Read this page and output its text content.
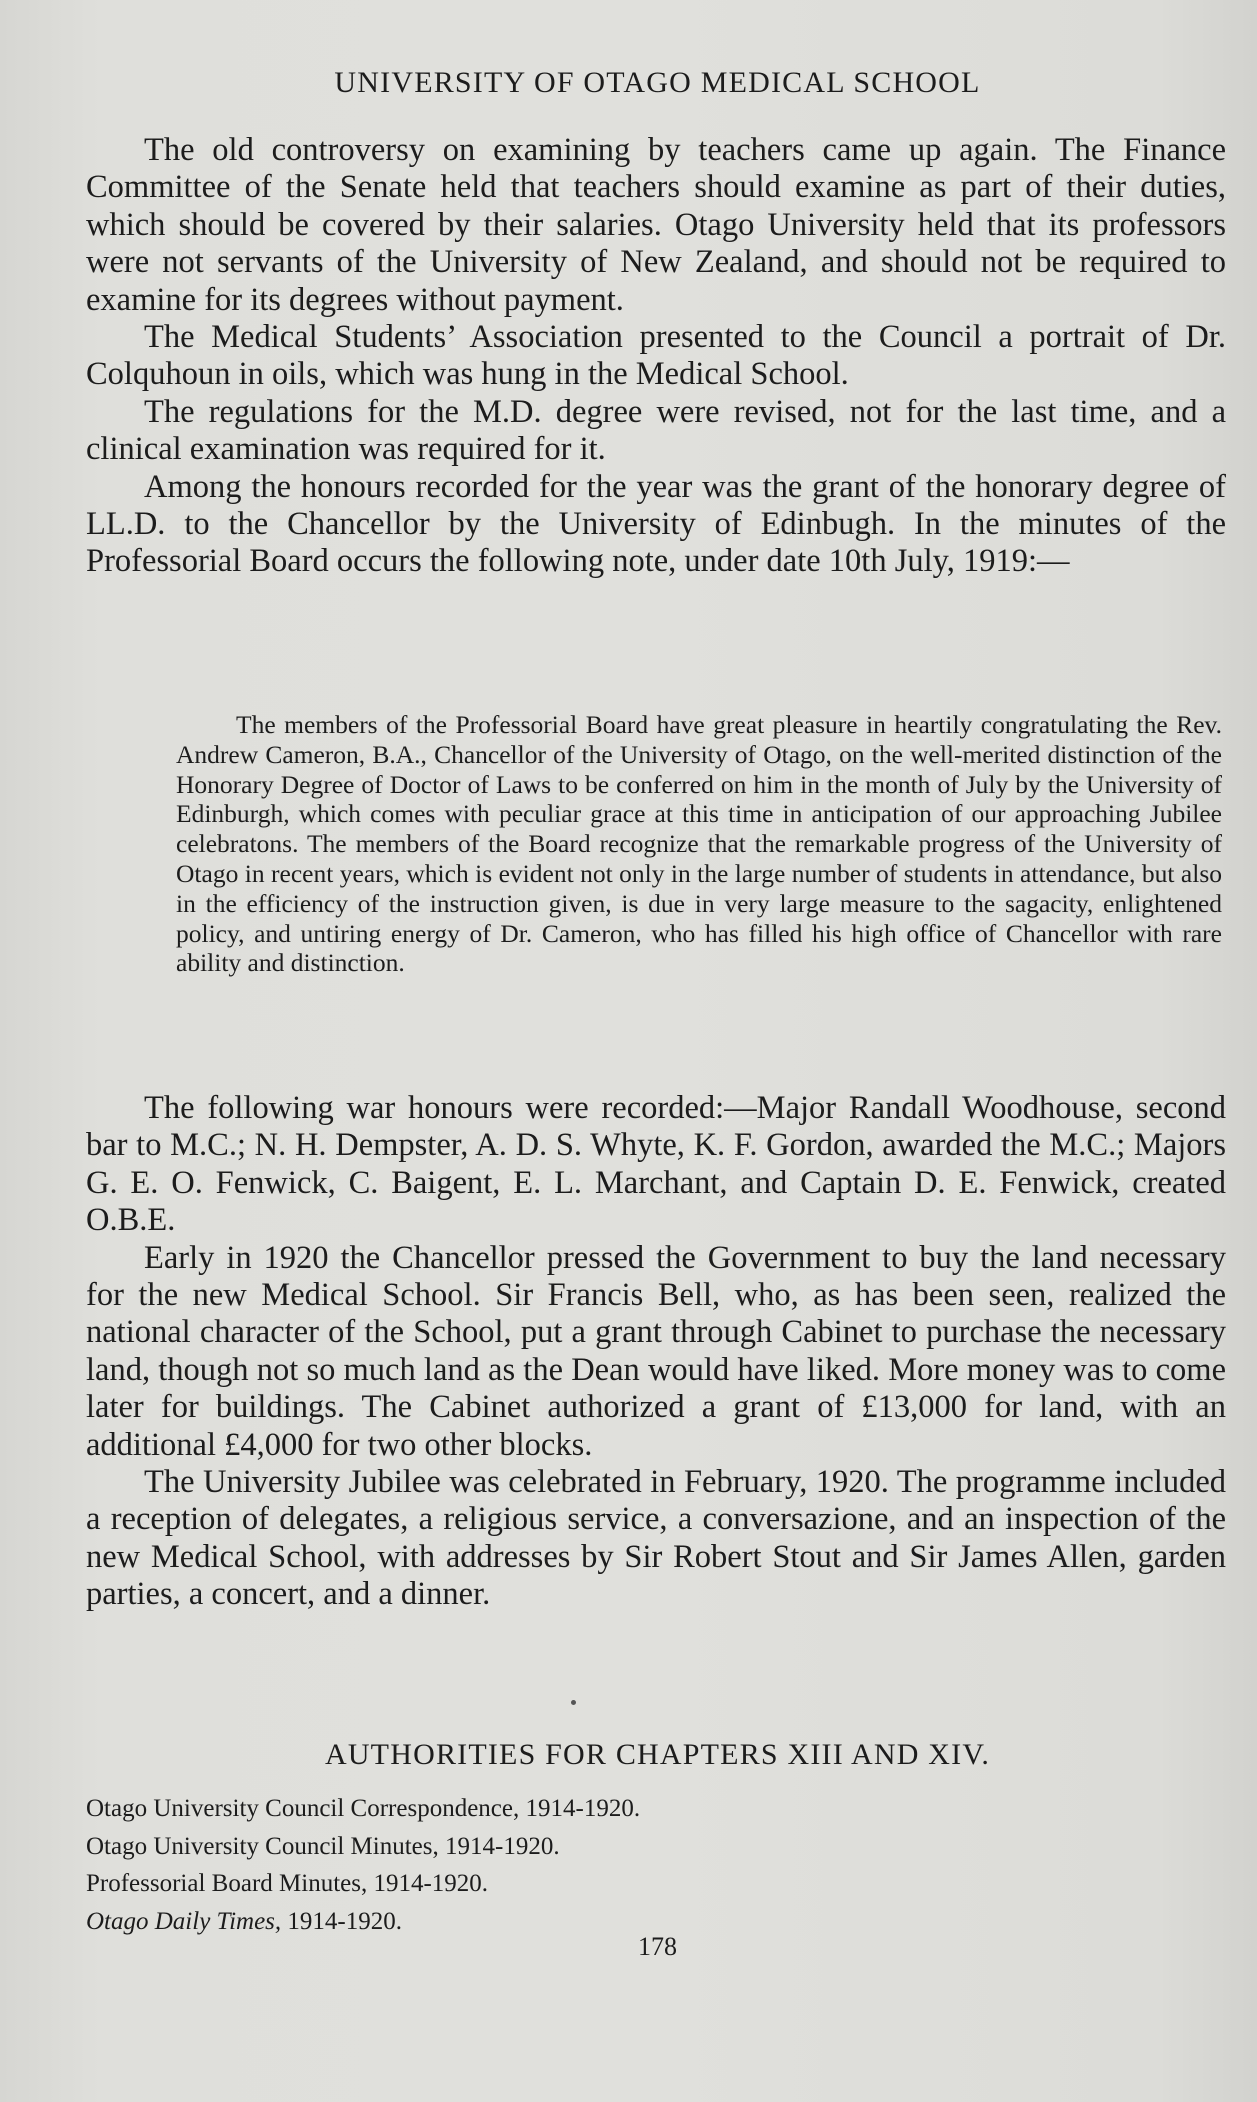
UNIVERSITY OF OTAGO MEDICAL SCHOOL

The old controversy on examining by teachers came up again. The Finance Committee of the Senate held that teachers should examine as part of their duties, which should be covered by their salaries. Otago University held that its professors were not servants of the University of New Zealand, and should not be required to examine for its degrees without payment.

The Medical Students’ Association presented to the Council a portrait of Dr. Colquhoun in oils, which was hung in the Medical School.

The regulations for the M.D. degree were revised, not for the last time, and a clinical examination was required for it.

Among the honours recorded for the year was the grant of the honorary degree of LL.D. to the Chancellor by the University of Edinbugh. In the minutes of the Professorial Board occurs the following note, under date 10th July, 1919:—

The members of the Professorial Board have great pleasure in heartily congratulating the Rev. Andrew Cameron, B.A., Chancellor of the University of Otago, on the well-merited distinction of the Honorary Degree of Doctor of Laws to be conferred on him in the month of July by the University of Edinburgh, which comes with peculiar grace at this time in anticipation of our approaching Jubilee celebratons. The members of the Board recognize that the remarkable progress of the University of Otago in recent years, which is evident not only in the large number of students in attendance, but also in the efficiency of the instruction given, is due in very large measure to the sagacity, enlightened policy, and untiring energy of Dr. Cameron, who has filled his high office of Chancellor with rare ability and distinction.

The following war honours were recorded:—Major Randall Woodhouse, second bar to M.C.; N. H. Dempster, A. D. S. Whyte, K. F. Gordon, awarded the M.C.; Majors G. E. O. Fenwick, C. Baigent, E. L. Marchant, and Captain D. E. Fenwick, created O.B.E.

Early in 1920 the Chancellor pressed the Government to buy the land necessary for the new Medical School. Sir Francis Bell, who, as has been seen, realized the national character of the School, put a grant through Cabinet to purchase the necessary land, though not so much land as the Dean would have liked. More money was to come later for buildings. The Cabinet authorized a grant of £13,000 for land, with an additional £4,000 for two other blocks.

The University Jubilee was celebrated in February, 1920. The programme included a reception of delegates, a religious service, a conversazione, and an inspection of the new Medical School, with addresses by Sir Robert Stout and Sir James Allen, garden parties, a concert, and a dinner.

AUTHORITIES FOR CHAPTERS XIII AND XIV.
Otago University Council Correspondence, 1914-1920.
Otago University Council Minutes, 1914-1920.
Professorial Board Minutes, 1914-1920.
Otago Daily Times, 1914-1920.
178
